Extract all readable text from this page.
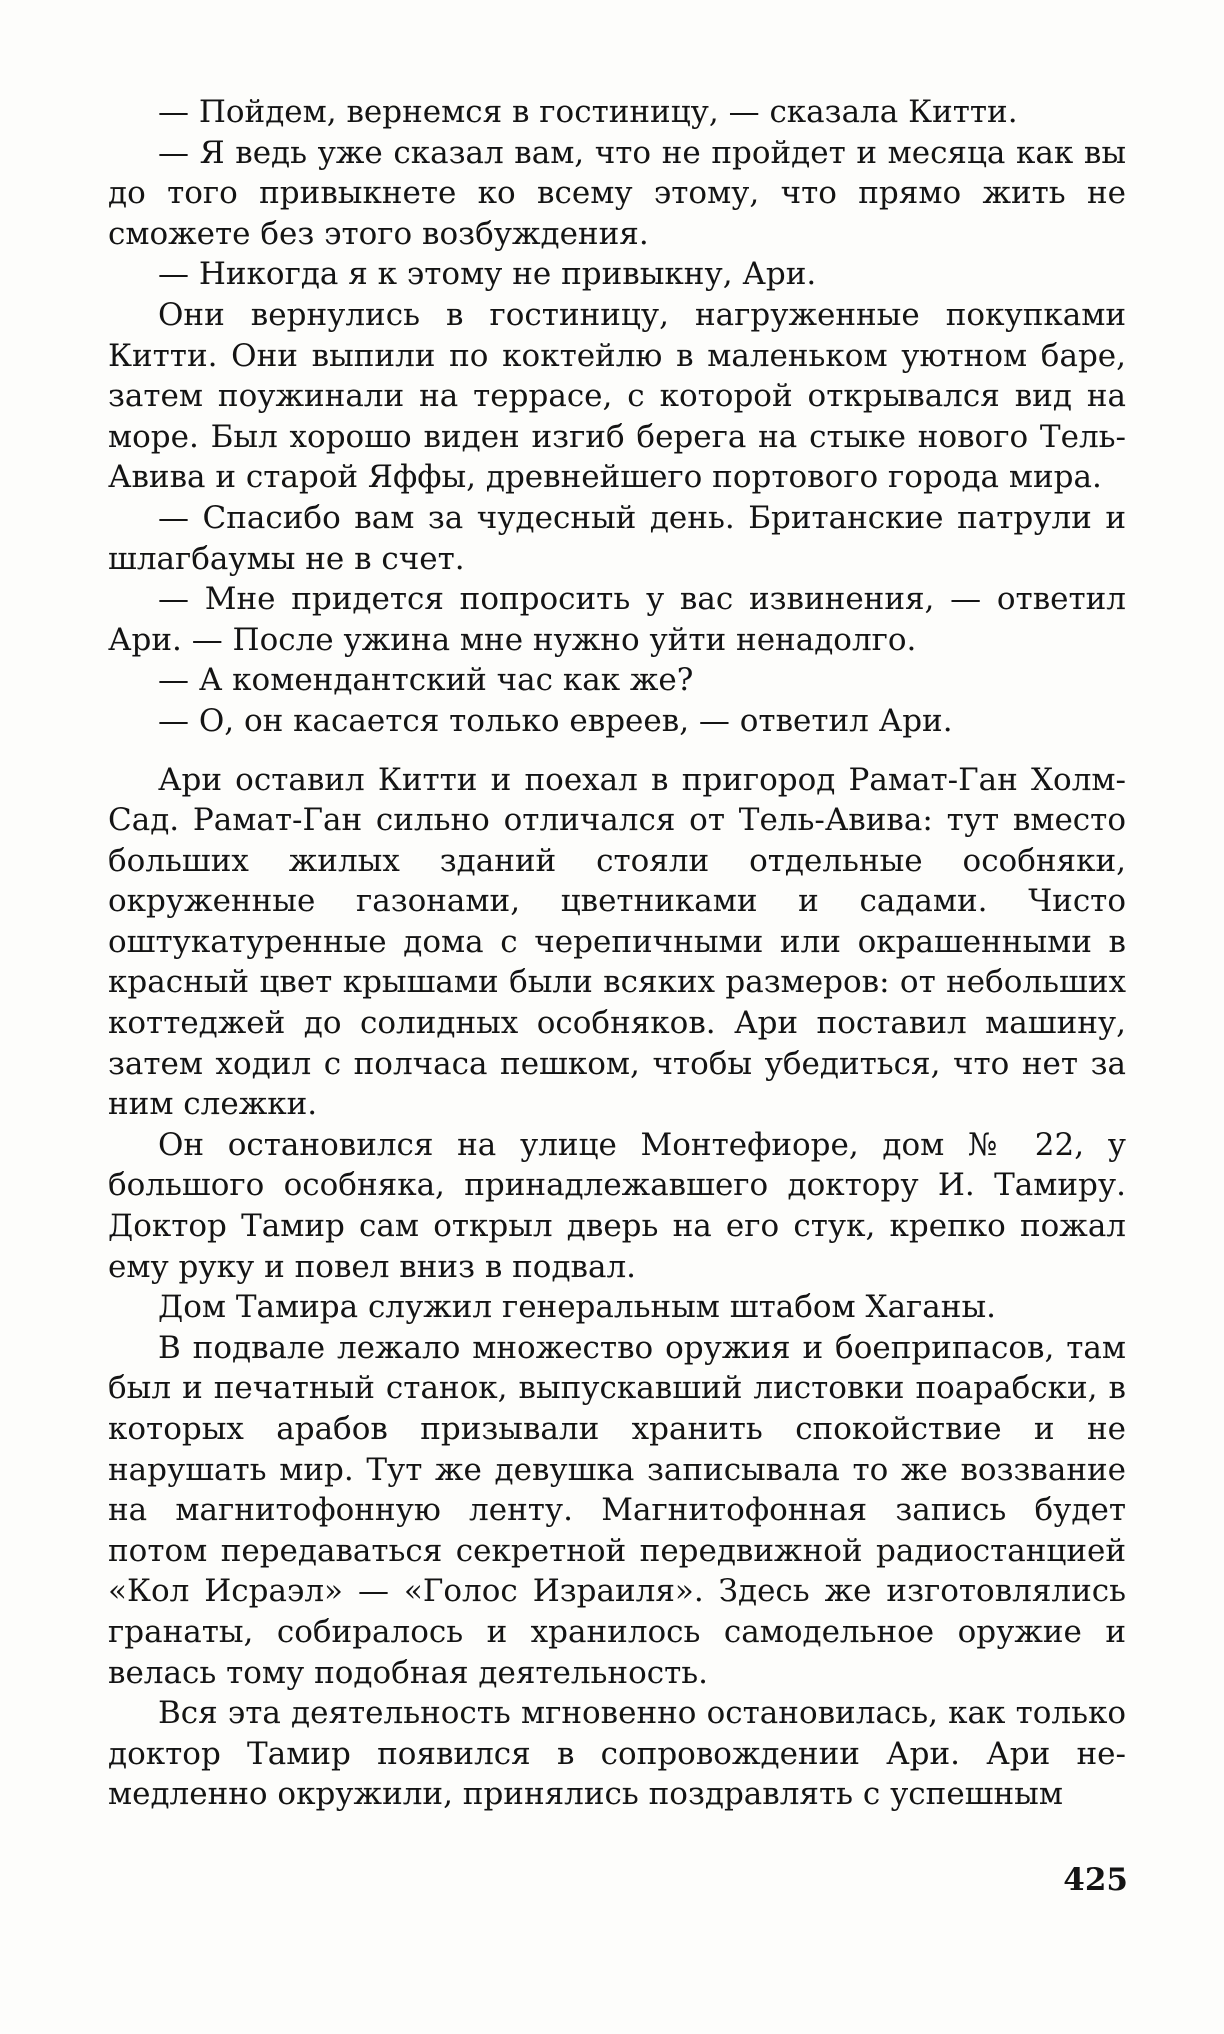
— Пойдем, вернемся в гостиницу, — сказала Китти.

— Я ведь уже сказал вам, что не пройдет и месяца как вы до того привыкнете ко всему этому, что прямо жить не сможете без этого возбуждения.

— Никогда я к этому не привыкну, Ари.

Они вернулись в гостиницу, нагруженные покупками Китти. Они выпили по коктейлю в маленьком уютном баре, затем поужинали на террасе, с которой открывался вид на море. Был хорошо виден изгиб берега на стыке нового Тель-Авива и старой Яффы, древнейшего портового города мира.

— Спасибо вам за чудесный день. Британские патрули и шлагбаумы не в счет.

— Мне придется попросить у вас извинения, — ответил Ари. — После ужина мне нужно уйти ненадолго.

— А комендантский час как же?

— О, он касается только евреев, — ответил Ари.

Ари оставил Китти и поехал в пригород Рамат-Ган Холм-Сад. Рамат-Ган сильно отличался от Тель-Авива: тут вместо больших жилых зданий стояли отдельные особняки, окруженные газонами, цветниками и садами. Чисто оштукатуренные дома с черепичными или окрашенными в красный цвет крышами были всяких размеров: от небольших коттеджей до солидных особняков. Ари поставил машину, затем ходил с полчаса пешком, чтобы убедиться, что нет за ним слежки.

Он остановился на улице Монтефиоре, дом № 22, у большого особняка, принадлежавшего доктору И. Тамиру. Доктор Тамир сам открыл дверь на его стук, крепко пожал ему руку и повел вниз в подвал.

Дом Тамира служил генеральным штабом Хаганы.

В подвале лежало множество оружия и боеприпасов, там был и печатный станок, выпускавший листовки поарабски, в которых арабов призывали хранить спокойствие и не нарушать мир. Тут же девушка записывала то же воззвание на магнитофонную ленту. Магнитофонная запись будет потом передаваться секретной передвижной радиостанцией «Кол Исраэл» — «Голос Израиля». Здесь же изготовлялись гранаты, собиралось и хранилось самодельное оружие и велась тому подобная деятельность.

Вся эта деятельность мгновенно остановилась, как только доктор Тамир появился в сопровождении Ари. Ари немедленно окружили, принялись поздравлять с успешным

425
